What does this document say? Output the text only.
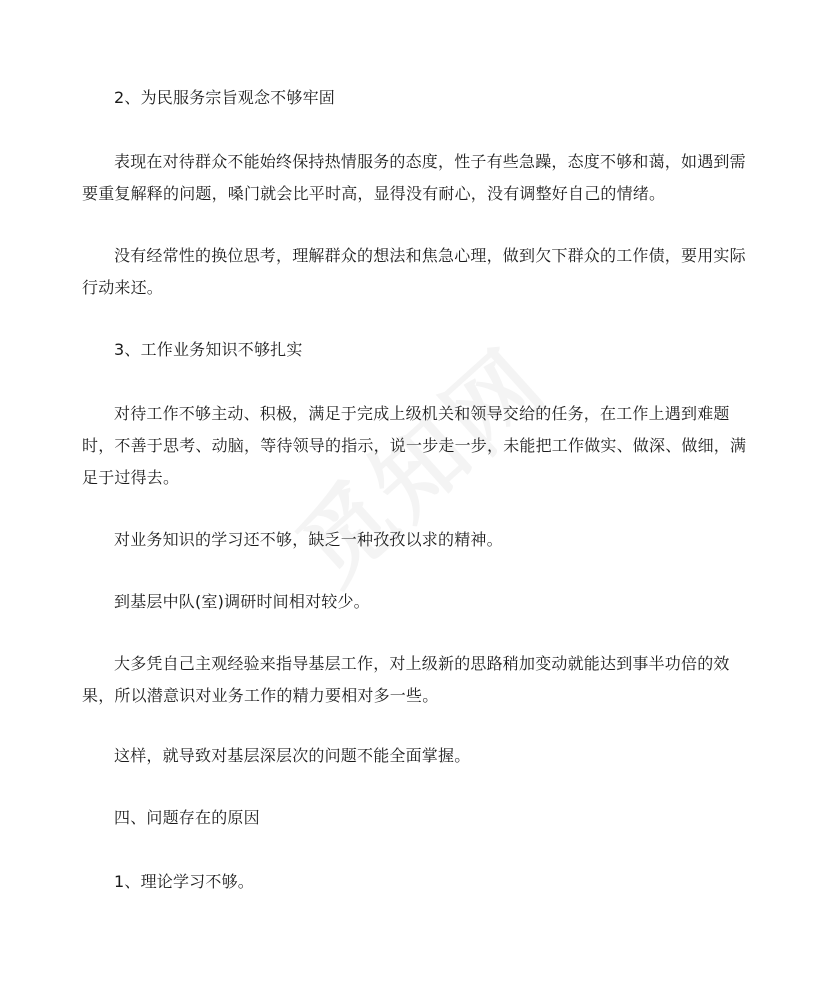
2、为民服务宗旨观念不够牢固

表现在对待群众不能始终保持热情服务的态度，性子有些急躁，态度不够和蔼，如遇到需要重复解释的问题，嗓门就会比平时高，显得没有耐心，没有调整好自己的情绪。

没有经常性的换位思考，理解群众的想法和焦急心理，做到欠下群众的工作债，要用实际行动来还。

3、工作业务知识不够扎实

对待工作不够主动、积极，满足于完成上级机关和领导交给的任务，在工作上遇到难题时，不善于思考、动脑，等待领导的指示，说一步走一步，未能把工作做实、做深、做细，满足于过得去。

对业务知识的学习还不够，缺乏一种孜孜以求的精神。

到基层中队(室)调研时间相对较少。

大多凭自己主观经验来指导基层工作，对上级新的思路稍加变动就能达到事半功倍的效果，所以潜意识对业务工作的精力要相对多一些。

这样，就导致对基层深层次的问题不能全面掌握。

四、问题存在的原因

1、理论学习不够。
